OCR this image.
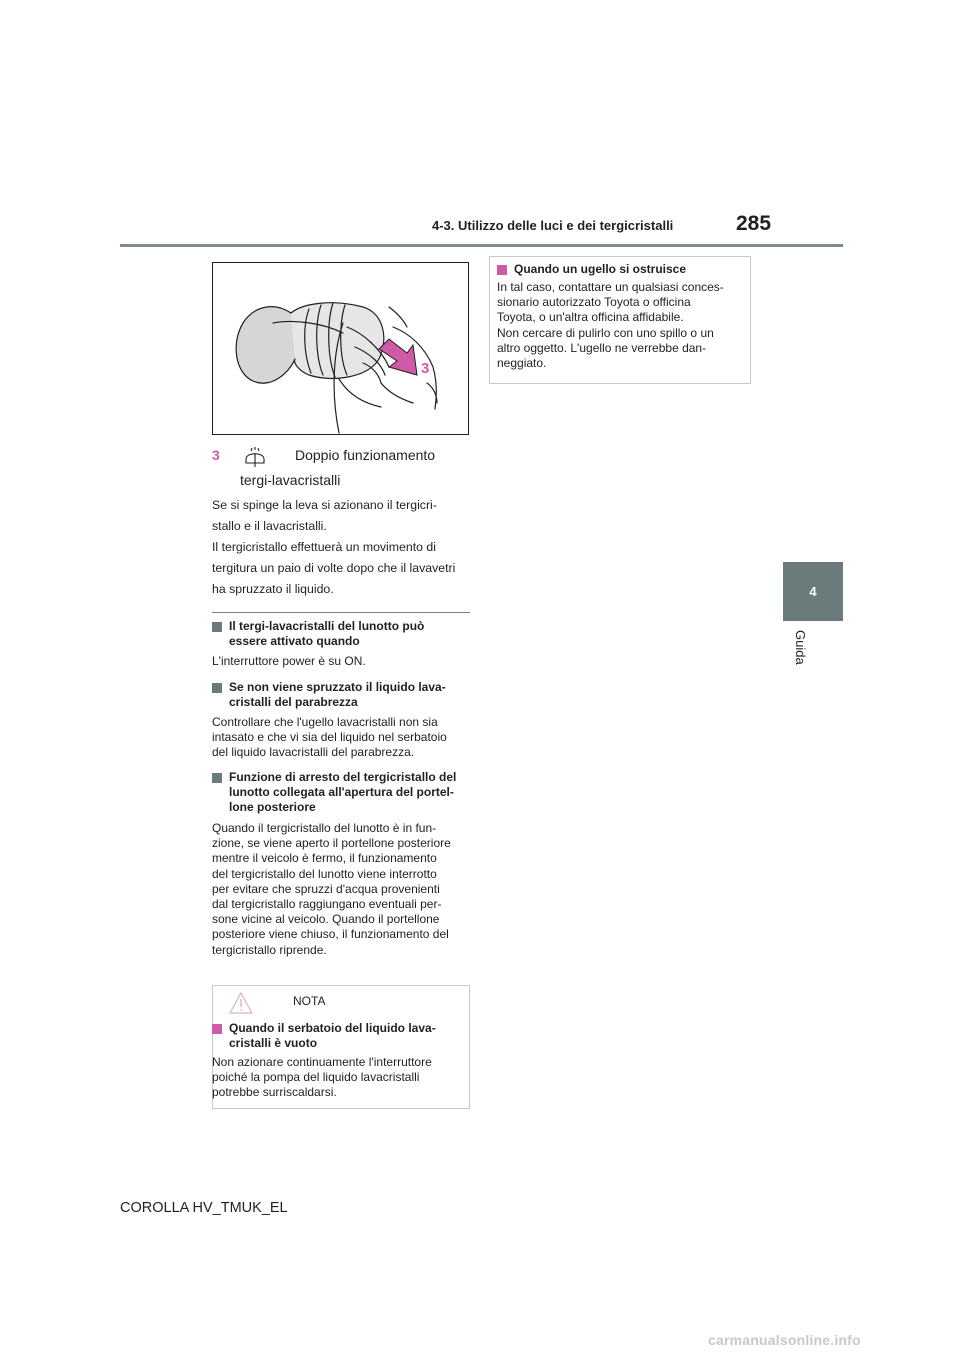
4-3. Utilizzo delle luci e dei tergicristalli	285
4
Guida
3
3	Doppio funzionamento
tergi-lavacristalli
Se si spinge la leva si azionano il tergicri-
stallo e il lavacristalli.
Il tergicristallo effettuerà un movimento di
tergitura un paio di volte dopo che il lavavetri
ha spruzzato il liquido.
Il tergi-lavacristalli del lunotto può
essere attivato quando
L'interruttore power è su ON.
Se non viene spruzzato il liquido lava-
cristalli del parabrezza
Controllare che l'ugello lavacristalli non sia
intasato e che vi sia del liquido nel serbatoio
del liquido lavacristalli del parabrezza.
Funzione di arresto del tergicristallo del
lunotto collegata all'apertura del portel-
lone posteriore
Quando il tergicristallo del lunotto è in fun-
zione, se viene aperto il portellone posteriore
mentre il veicolo è fermo, il funzionamento
del tergicristallo del lunotto viene interrotto
per evitare che spruzzi d'acqua provenienti
dal tergicristallo raggiungano eventuali per-
sone vicine al veicolo. Quando il portellone
posteriore viene chiuso, il funzionamento del
tergicristallo riprende.
NOTA
Quando il serbatoio del liquido lava-
cristalli è vuoto
Non azionare continuamente l'interruttore
poiché la pompa del liquido lavacristalli
potrebbe surriscaldarsi.
Quando un ugello si ostruisce
In tal caso, contattare un qualsiasi conces-
sionario autorizzato Toyota o officina
Toyota, o un'altra officina affidabile.
Non cercare di pulirlo con uno spillo o un
altro oggetto. L'ugello ne verrebbe dan-
neggiato.
COROLLA HV_TMUK_EL
carmanualsonline.info
